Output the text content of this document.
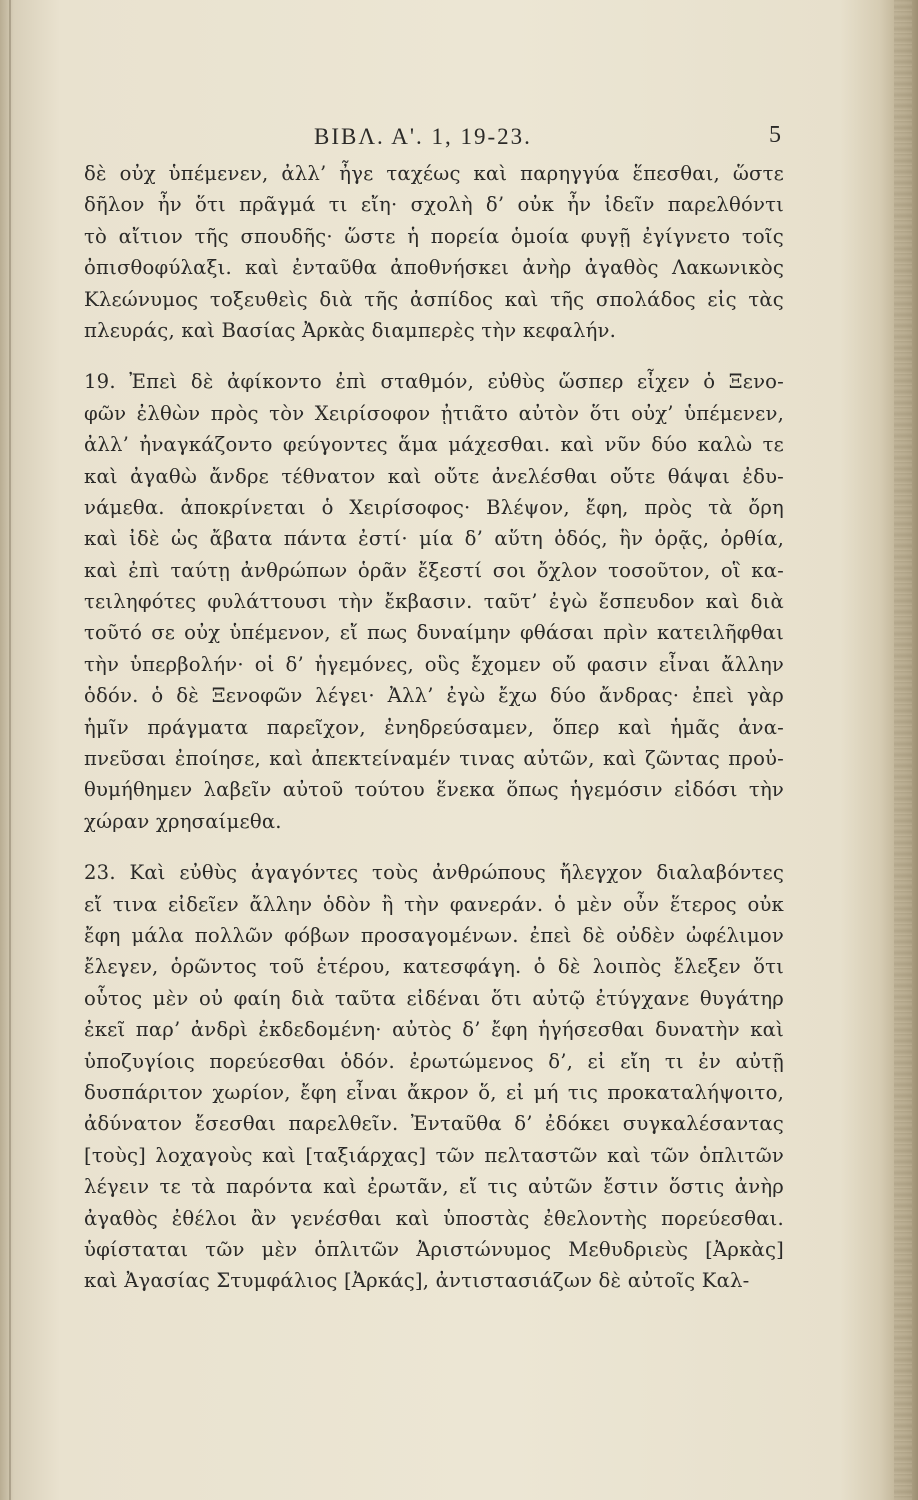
ΒΙΒΛ. Α'. 1, 19-23.	5
δὲ οὐχ ὑπέμενεν, ἀλλ’ ἦγε ταχέως καὶ παρηγγύα ἕπεσθαι, ὥστε
δῆλον ἦν ὅτι πρᾶγμά τι εἴη· σχολὴ δ’ οὐκ ἦν ἰδεῖν παρελθόντι
τὸ αἴτιον τῆς σπουδῆς· ὥστε ἡ πορεία ὁμοία φυγῇ ἐγίγνετο τοῖς
ὀπισθοφύλαξι. καὶ ἐνταῦθα ἀποθνήσκει ἀνὴρ ἀγαθὸς Λακωνικὸς
Κλεώνυμος τοξευθεὶς διὰ τῆς ἀσπίδος καὶ τῆς σπολάδος εἰς τὰς
πλευράς, καὶ Βασίας Ἀρκὰς διαμπερὲς τὴν κεφαλήν.
19. Ἐπεὶ δὲ ἀφίκοντο ἐπὶ σταθμόν, εὐθὺς ὥσπερ εἶχεν ὁ Ξενο-
φῶν ἐλθὼν πρὸς τὸν Χειρίσοφον ᾐτιᾶτο αὐτὸν ὅτι οὐχ’ ὑπέμενεν,
ἀλλ’ ἠναγκάζοντο φεύγοντες ἅμα μάχεσθαι. καὶ νῦν δύο καλὼ τε
καὶ ἀγαθὼ ἄνδρε τέθνατον καὶ οὔτε ἀνελέσθαι οὔτε θάψαι ἐδυ-
νάμεθα. ἀποκρίνεται ὁ Χειρίσοφος· Βλέψον, ἔφη, πρὸς τὰ ὄρη
καὶ ἰδὲ ὡς ἄβατα πάντα ἐστί· μία δ’ αὕτη ὁδός, ἣν ὁρᾷς, ὀρθία,
καὶ ἐπὶ ταύτῃ ἀνθρώπων ὁρᾶν ἔξεστί σοι ὄχλον τοσοῦτον, οἳ κα-
τειληφότες φυλάττουσι τὴν ἔκβασιν. ταῦτ’ ἐγὼ ἔσπευδον καὶ διὰ
τοῦτό σε οὐχ ὑπέμενον, εἴ πως δυναίμην φθάσαι πρὶν κατειλῆφθαι
τὴν ὑπερβολήν· οἱ δ’ ἡγεμόνες, οὓς ἔχομεν οὔ φασιν εἶναι ἄλλην
ὁδόν. ὁ δὲ Ξενοφῶν λέγει· Ἀλλ’ ἐγὼ ἔχω δύο ἄνδρας· ἐπεὶ γὰρ
ἡμῖν πράγματα παρεῖχον, ἐνηδρεύσαμεν, ὅπερ καὶ ἡμᾶς ἀνα-
πνεῦσαι ἐποίησε, καὶ ἀπεκτείναμέν τινας αὐτῶν, καὶ ζῶντας προὐ-
θυμήθημεν λαβεῖν αὐτοῦ τούτου ἕνεκα ὅπως ἡγεμόσιν εἰδόσι τὴν
χώραν χρησαίμεθα.
23. Καὶ εὐθὺς ἀγαγόντες τοὺς ἀνθρώπους ἤλεγχον διαλαβόντες
εἴ τινα εἰδεῖεν ἄλλην ὁδὸν ἢ τὴν φανεράν. ὁ μὲν οὖν ἕτερος οὐκ
ἔφη μάλα πολλῶν φόβων προσαγομένων. ἐπεὶ δὲ οὐδὲν ὠφέλιμον
ἔλεγεν, ὁρῶντος τοῦ ἑτέρου, κατεσφάγη. ὁ δὲ λοιπὸς ἔλεξεν ὅτι
οὗτος μὲν οὐ φαίη διὰ ταῦτα εἰδέναι ὅτι αὐτῷ ἐτύγχανε θυγάτηρ
ἐκεῖ παρ’ ἀνδρὶ ἐκδεδομένη· αὐτὸς δ’ ἔφη ἡγήσεσθαι δυνατὴν καὶ
ὑποζυγίοις πορεύεσθαι ὁδόν. ἐρωτώμενος δ’, εἰ εἴη τι ἐν αὐτῇ
δυσπάριτον χωρίον, ἔφη εἶναι ἄκρον ὅ, εἰ μή τις προκαταλήψοιτο,
ἀδύνατον ἔσεσθαι παρελθεῖν. Ἐνταῦθα δ’ ἐδόκει συγκαλέσαντας
[τοὺς] λοχαγοὺς καὶ [ταξιάρχας] τῶν πελταστῶν καὶ τῶν ὁπλιτῶν
λέγειν τε τὰ παρόντα καὶ ἐρωτᾶν, εἴ τις αὐτῶν ἔστιν ὅστις ἀνὴρ
ἀγαθὸς ἐθέλοι ἂν γενέσθαι καὶ ὑποστὰς ἐθελοντὴς πορεύεσθαι.
ὑφίσταται τῶν μὲν ὁπλιτῶν Ἀριστώνυμος Μεθυδριεὺς [Ἀρκὰς]
καὶ Ἀγασίας Στυμφάλιος [Ἀρκάς], ἀντιστασιάζων δὲ αὐτοῖς Καλ-
